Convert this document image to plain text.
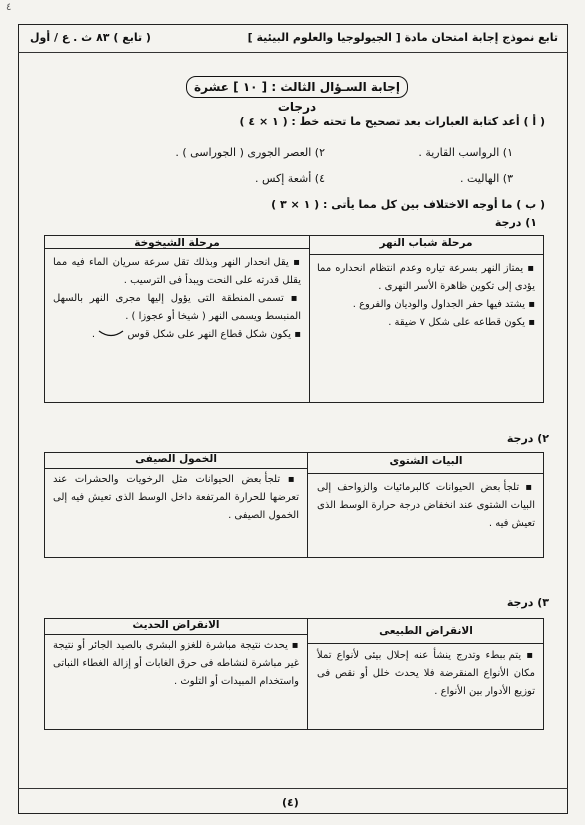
٤
تابع نموذج إجابة امتحان مادة [ الجيولوجيا والعلوم البيئية ]
( تابع ) ٨٣ ث . ع / أول
إجابة السـؤال الثالث : [ ١٠ ] عشرة درجات
( أ ) أعد كتابة العبارات بعد تصحيح ما تحته خط : ( ١ × ٤ )
١) الرواسب القارية .
٢) العصر الجورى ( الجوراسى ) .
٣) الهاليت .
٤) أشعة إكس .
( ب ) ما أوجه الاختلاف بين كل مما يأتى : ( ١ × ٣ )
١) درجة
مرحلة شباب النهر
مرحلة الشيخوخة

▪ يمتاز النهر بسرعة تياره وعدم انتظام انحداره مما يؤدى إلى تكوين ظاهرة الأسر النهرى .

▪ يشتد فيها حفر الجداول والوديان والفروع .

▪ يكون قطاعه على شكل ٧ ضيقة .

▪ يقل انحدار النهر وبذلك تقل سرعة سريان الماء فيه مما يقلل قدرته على النحت ويبدأ فى الترسيب .

▪ تسمى المنطقة التى يؤول إليها مجرى النهر بالسهل المنبسط ويسمى النهر ( شيخا أو عجوزا ) .

▪ يكون شكل قطاع النهر على شكل قوس  .

٢) درجة
البيات الشتوى
الخمول الصيفى

▪ تلجأ بعض الحيوانات كالبرمائيات والزواحف إلى البيات الشتوى عند انخفاض درجة حرارة الوسط الذى تعيش فيه .

▪ تلجأ بعض الحيوانات مثل الرخويات والحشرات عند تعرضها للحرارة المرتفعة داخل الوسط الذى تعيش فيه إلى الخمول الصيفى .

٣) درجة
الانقراض الطبيعى
الانقراض الحديث

▪ يتم ببطء وتدرج ينشأ عنه إحلال بيئى لأنواع تملأ مكان الأنواع المنقرضة فلا يحدث خلل أو نقص فى توزيع الأدوار بين الأنواع .

▪ يحدث نتيجة مباشرة للغزو البشرى بالصيد الجائر أو نتيجة غير مباشرة لنشاطه فى حرق الغابات أو إزالة الغطاء النباتى واستخدام المبيدات أو التلوث .

(٤)
